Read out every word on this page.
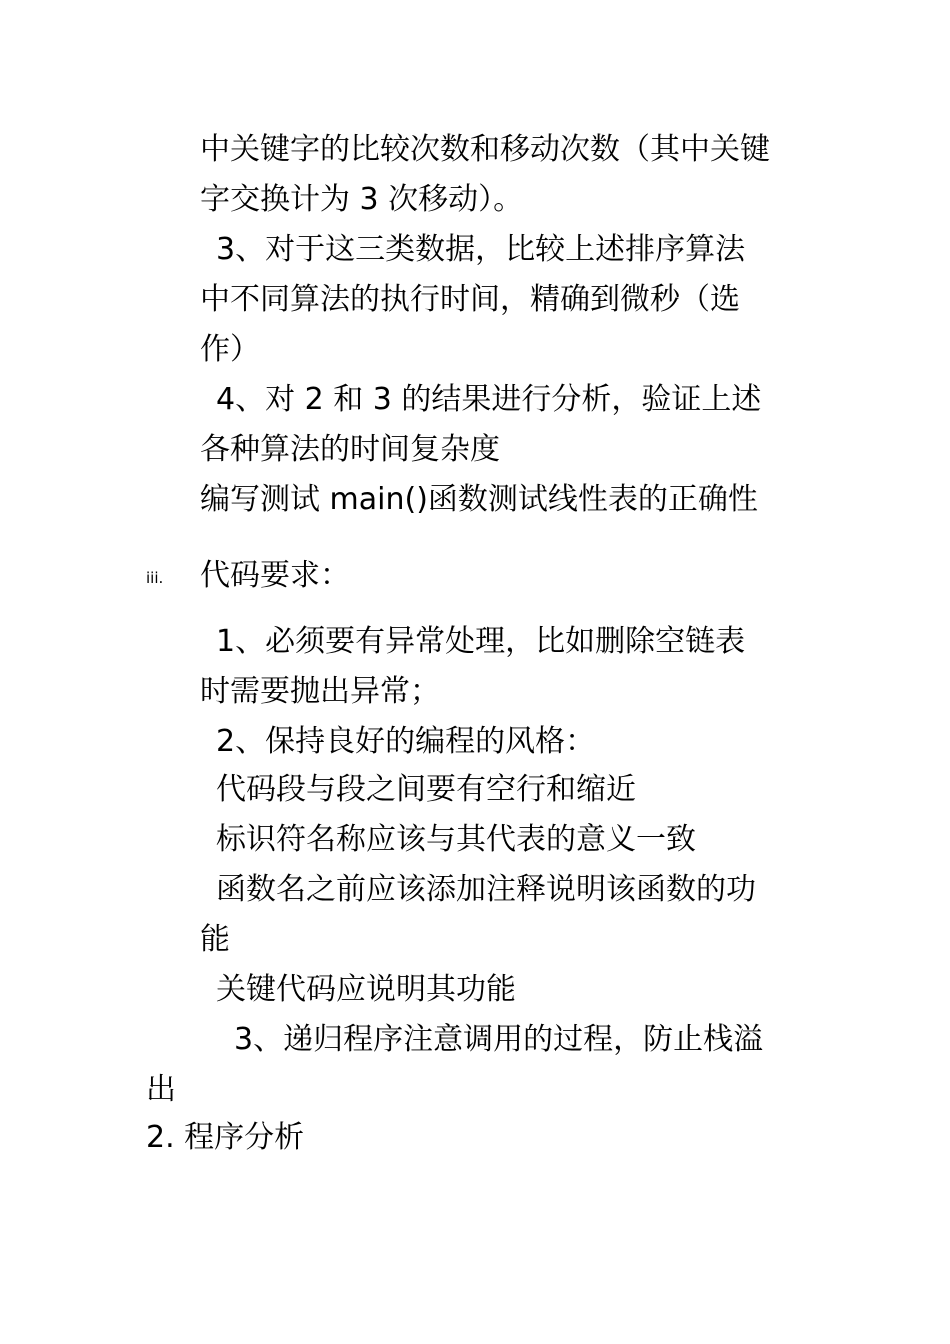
中关键字的比较次数和移动次数（其中关键
字交换计为 3 次移动）。
3、对于这三类数据，比较上述排序算法
中不同算法的执行时间，精确到微秒（选
作）
4、对 2 和 3 的结果进行分析，验证上述
各种算法的时间复杂度
编写测试 main()函数测试线性表的正确性
iii. 代码要求：
1、必须要有异常处理，比如删除空链表
时需要抛出异常；
2、保持良好的编程的风格：
代码段与段之间要有空行和缩近
标识符名称应该与其代表的意义一致
函数名之前应该添加注释说明该函数的功
能
关键代码应说明其功能
3、递归程序注意调用的过程，防止栈溢
出
2. 程序分析
